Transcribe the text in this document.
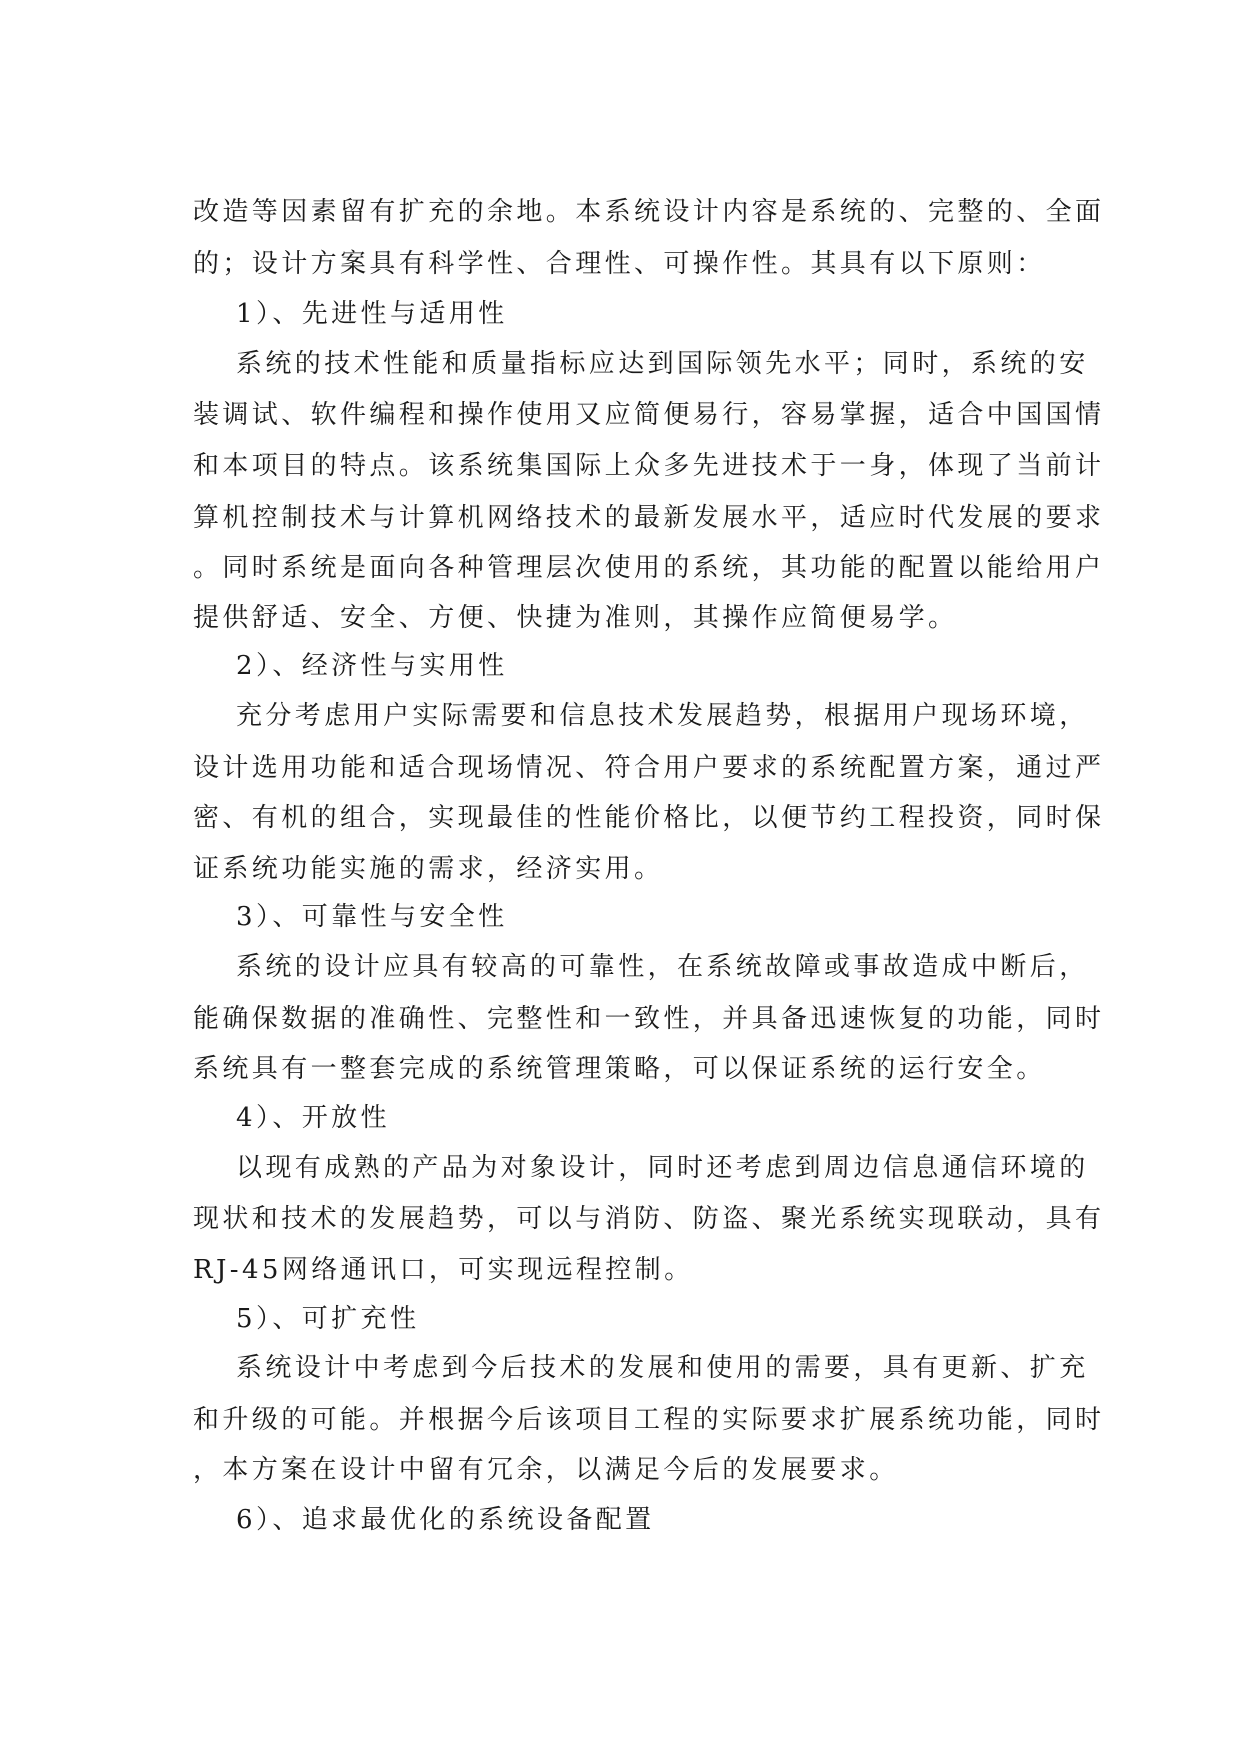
改造等因素留有扩充的余地。本系统设计内容是系统的、完整的、全面
的；设计方案具有科学性、合理性、可操作性。其具有以下原则：
1）、先进性与适用性
系统的技术性能和质量指标应达到国际领先水平；同时，系统的安
装调试、软件编程和操作使用又应简便易行，容易掌握，适合中国国情
和本项目的特点。该系统集国际上众多先进技术于一身，体现了当前计
算机控制技术与计算机网络技术的最新发展水平，适应时代发展的要求
。同时系统是面向各种管理层次使用的系统，其功能的配置以能给用户
提供舒适、安全、方便、快捷为准则，其操作应简便易学。
2）、经济性与实用性
充分考虑用户实际需要和信息技术发展趋势，根据用户现场环境，
设计选用功能和适合现场情况、符合用户要求的系统配置方案，通过严
密、有机的组合，实现最佳的性能价格比，以便节约工程投资，同时保
证系统功能实施的需求，经济实用。
3）、可靠性与安全性
系统的设计应具有较高的可靠性，在系统故障或事故造成中断后，
能确保数据的准确性、完整性和一致性，并具备迅速恢复的功能，同时
系统具有一整套完成的系统管理策略，可以保证系统的运行安全。
4）、开放性
以现有成熟的产品为对象设计，同时还考虑到周边信息通信环境的
现状和技术的发展趋势，可以与消防、防盗、聚光系统实现联动，具有
RJ-45网络通讯口，可实现远程控制。
5）、可扩充性
系统设计中考虑到今后技术的发展和使用的需要，具有更新、扩充
和升级的可能。并根据今后该项目工程的实际要求扩展系统功能，同时
，本方案在设计中留有冗余，以满足今后的发展要求。
6）、追求最优化的系统设备配置
